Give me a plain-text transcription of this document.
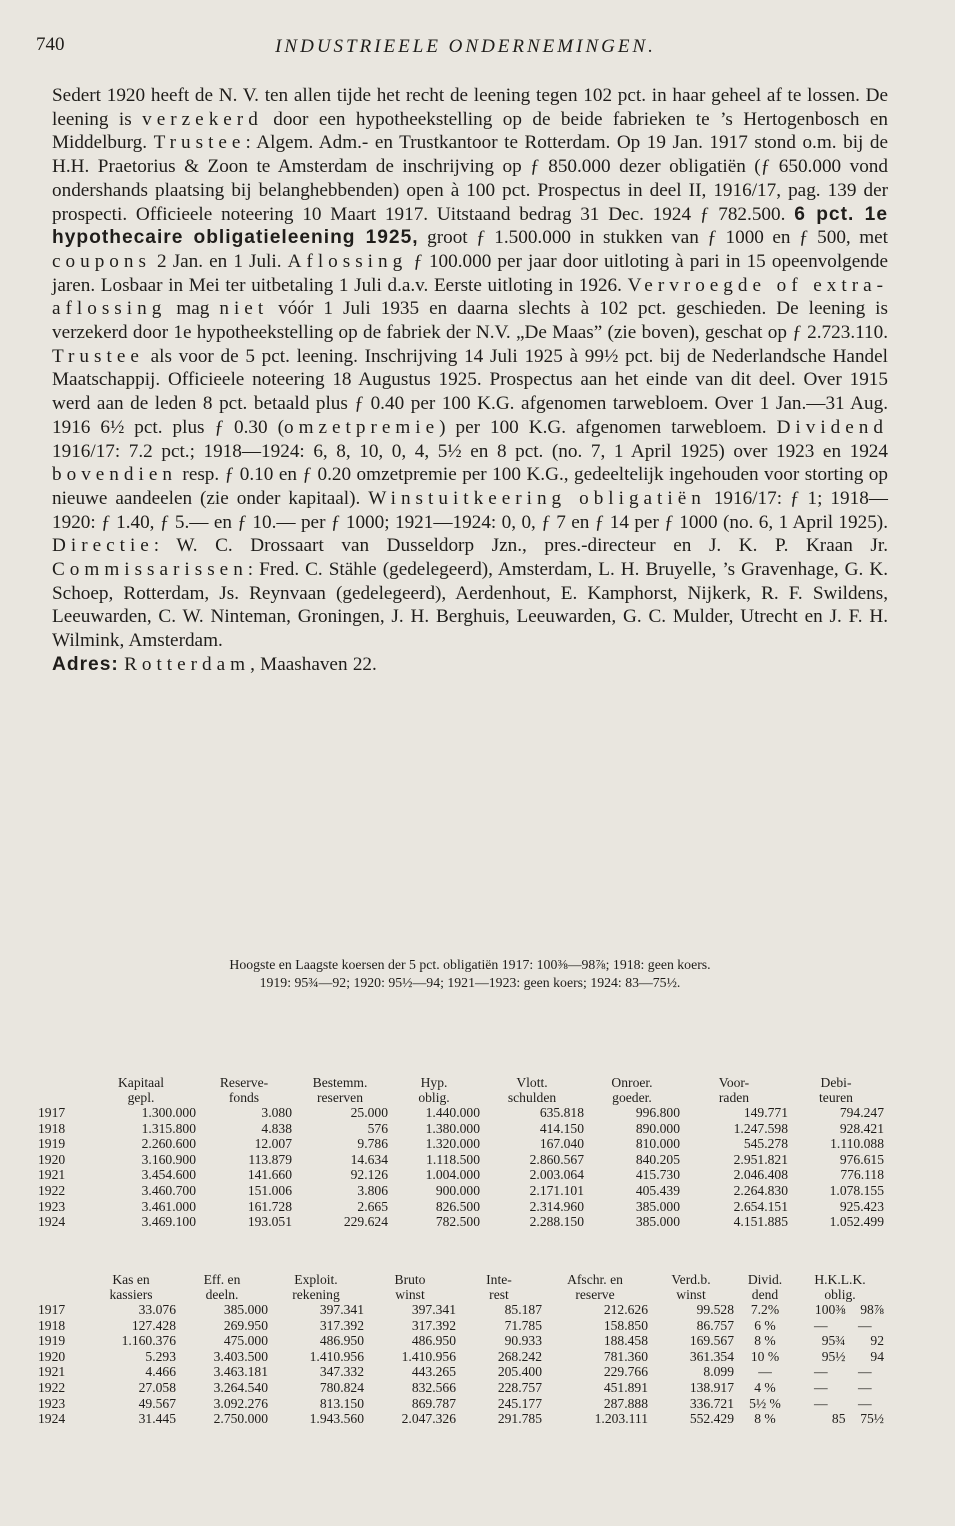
740	INDUSTRIEELE ONDERNEMINGEN.

Sedert 1920 heeft de N. V. ten allen tijde het recht de leening tegen 102 pct. in haar geheel af te lossen. De leening is verzekerd door een hypotheekstelling op de beide fabrieken te ’s Hertogenbosch en Middelburg. Trustee: Algem. Adm.- en Trustkantoor te Rotterdam. Op 19 Jan. 1917 stond o.m. bij de H.H. Praetorius & Zoon te Amsterdam de inschrijving op ƒ 850.000 dezer obligatiën (ƒ 650.000 vond ondershands plaatsing bij belanghebbenden) open à 100 pct. Prospectus in deel II, 1916/17, pag. 139 der prospecti. Officieele noteering 10 Maart 1917. Uitstaand bedrag 31 Dec. 1924 ƒ 782.500. 6 pct. 1e hypothecaire obligatieleening 1925, groot ƒ 1.500.000 in stukken van ƒ 1000 en ƒ 500, met coupons 2 Jan. en 1 Juli. Aflossing ƒ 100.000 per jaar door uitloting à pari in 15 opeenvolgende jaren. Losbaar in Mei ter uitbetaling 1 Juli d.a.v. Eerste uitloting in 1926. Vervroegde of extra-aflossing mag niet vóór 1 Juli 1935 en daarna slechts à 102 pct. geschieden. De leening is verzekerd door 1e hypotheekstelling op de fabriek der N.V. „De Maas” (zie boven), geschat op ƒ 2.723.110. Trustee als voor de 5 pct. leening. Inschrijving 14 Juli 1925 à 99½ pct. bij de Nederlandsche Handel Maatschappij. Officieele noteering 18 Augustus 1925. Prospectus aan het einde van dit deel. Over 1915 werd aan de leden 8 pct. betaald plus ƒ 0.40 per 100 K.G. afgenomen tarwebloem. Over 1 Jan.—31 Aug. 1916 6½ pct. plus ƒ 0.30 (omzetpremie) per 100 K.G. afgenomen tarwebloem. Dividend 1916/17: 7.2 pct.; 1918—1924: 6, 8, 10, 0, 4, 5½ en 8 pct. (no. 7, 1 April 1925) over 1923 en 1924 bovendien resp. ƒ 0.10 en ƒ 0.20 omzetpremie per 100 K.G., gedeeltelijk ingehouden voor storting op nieuwe aandeelen (zie onder kapitaal). Winstuitkeering obligatiën 1916/17: ƒ 1; 1918—1920: ƒ 1.40, ƒ 5.— en ƒ 10.— per ƒ 1000; 1921—1924: 0, 0, ƒ 7 en ƒ 14 per ƒ 1000 (no. 6, 1 April 1925). Directie: W. C. Drossaart van Dusseldorp Jzn., pres.-directeur en J. K. P. Kraan Jr. Commissarissen: Fred. C. Stähle (gedelegeerd), Amsterdam, L. H. Bruyelle, ’s Gravenhage, G. K. Schoep, Rotterdam, Js. Reynvaan (gedelegeerd), Aerdenhout, E. Kamphorst, Nijkerk, R. F. Swildens, Leeuwarden, C. W. Ninteman, Groningen, J. H. Berghuis, Leeuwarden, G. C. Mulder, Utrecht en J. F. H. Wilmink, Amsterdam.

Adres: Rotterdam, Maashaven 22.

Hoogste en Laagste koersen der 5 pct. obligatiën 1917: 100⅜—98⅞; 1918: geen koers.
1919: 95¾—92; 1920: 95½—94; 1921—1923: geen koers; 1924: 83—75½.
	Kapitaal	Reserve-	Bestemm.	Hyp.	Vlott.	Onroer.	Voor-	Debi-
	gepl.	fonds	reserven	oblig.	schulden	goeder.	raden	teuren
1917	1.300.000	3.080	25.000	1.440.000	635.818	996.800	149.771	794.247
1918	1.315.800	4.838	576	1.380.000	414.150	890.000	1.247.598	928.421
1919	2.260.600	12.007	9.786	1.320.000	167.040	810.000	545.278	1.110.088
1920	3.160.900	113.879	14.634	1.118.500	2.860.567	840.205	2.951.821	976.615
1921	3.454.600	141.660	92.126	1.004.000	2.003.064	415.730	2.046.408	776.118
1922	3.460.700	151.006	3.806	900.000	2.171.101	405.439	2.264.830	1.078.155
1923	3.461.000	161.728	2.665	826.500	2.314.960	385.000	2.654.151	925.423
1924	3.469.100	193.051	229.624	782.500	2.288.150	385.000	4.151.885	1.052.499
	Kas en	Eff. en	Exploit.	Bruto	Inte-	Afschr. en	Verd.b.	Divid.	H.K.L.K.	
	kassiers	deeln.	rekening	winst	rest	reserve	winst	dend	oblig.	
1917	33.076	385.000	397.341	397.341	85.187	212.626	99.528	7.2%	100⅜	98⅞
1918	127.428	269.950	317.392	317.392	71.785	158.850	86.757	6 %	—	—
1919	1.160.376	475.000	486.950	486.950	90.933	188.458	169.567	8 %	95¾	92
1920	5.293	3.403.500	1.410.956	1.410.956	268.242	781.360	361.354	10 %	95½	94
1921	4.466	3.463.181	347.332	443.265	205.400	229.766	8.099	—	—	—
1922	27.058	3.264.540	780.824	832.566	228.757	451.891	138.917	4 %	—	—
1923	49.567	3.092.276	813.150	869.787	245.177	287.888	336.721	5½ %	—	—
1924	31.445	2.750.000	1.943.560	2.047.326	291.785	1.203.111	552.429	8 %	85	75½
